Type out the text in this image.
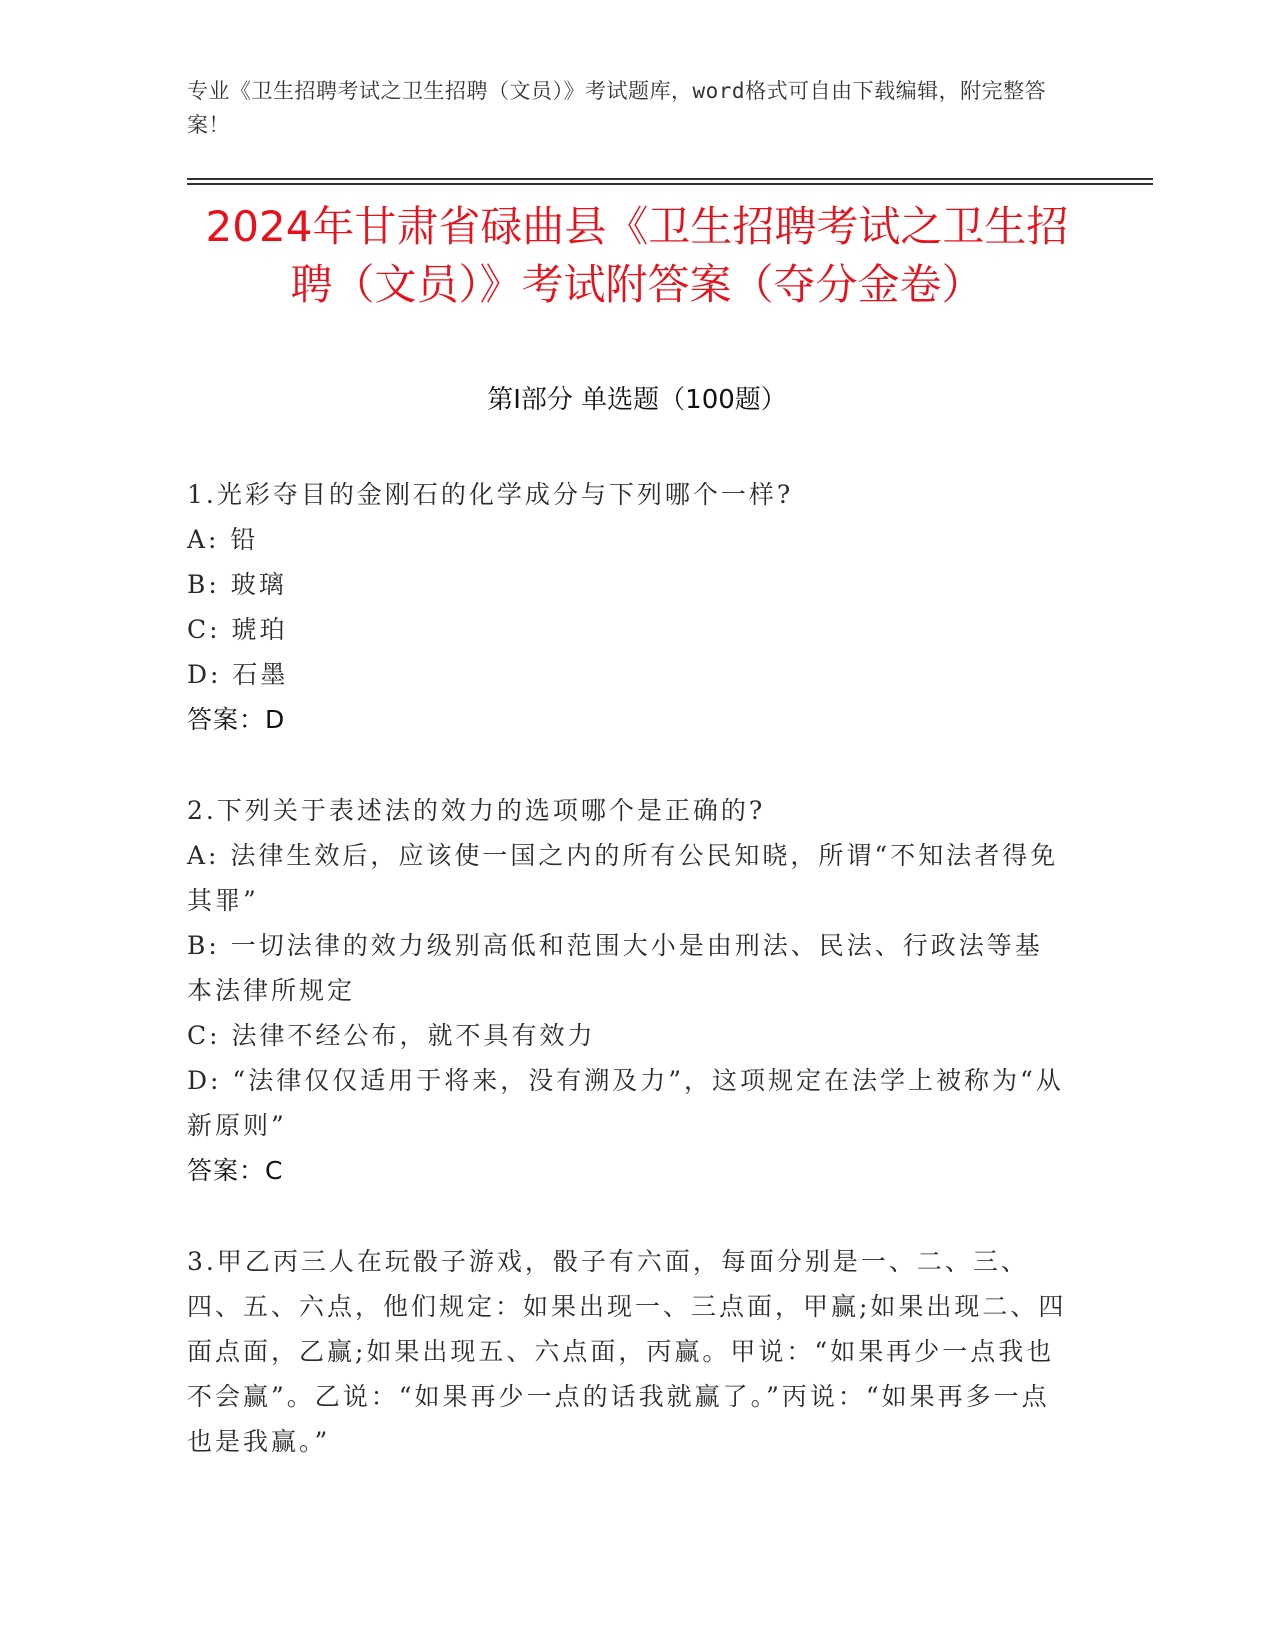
专业《卫生招聘考试之卫生招聘（文员）》考试题库，word格式可自由下载编辑，附完整答案！
2024年甘肃省碌曲县《卫生招聘考试之卫生招聘（文员）》考试附答案（夺分金卷）
第Ⅰ部分 单选题（100题）
1.光彩夺目的金刚石的化学成分与下列哪个一样?
A: 铅
B: 玻璃
C: 琥珀
D: 石墨
答案：D
2.下列关于表述法的效力的选项哪个是正确的?
A: 法律生效后，应该使一国之内的所有公民知晓，所谓“不知法者得免其罪”
B: 一切法律的效力级别高低和范围大小是由刑法、民法、行政法等基本法律所规定
C: 法律不经公布，就不具有效力
D: “法律仅仅适用于将来，没有溯及力”，这项规定在法学上被称为“从新原则”
答案：C
3.甲乙丙三人在玩骰子游戏，骰子有六面，每面分别是一、二、三、四、五、六点，他们规定：如果出现一、三点面，甲赢;如果出现二、四面点面，乙赢;如果出现五、六点面，丙赢。甲说：“如果再少一点我也不会赢”。乙说：“如果再少一点的话我就赢了。”丙说：“如果再多一点也是我赢。”
